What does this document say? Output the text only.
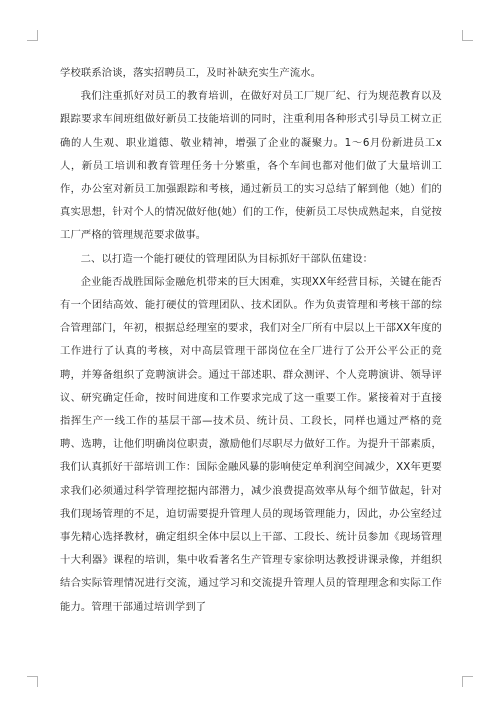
学校联系洽谈，落实招聘员工，及时补缺充实生产流水。

我们注重抓好对员工的教育培训，在做好对员工厂规厂纪、行为规范教育以及跟踪要求车间班组做好新员工技能培训的同时，注重利用各种形式引导员工树立正确的人生观、职业道德、敬业精神，增强了企业的凝聚力。1～6月份新进员工x人，新员工培训和教育管理任务十分繁重，各个车间也都对他们做了大量培训工作，办公室对新员工加强跟踪和考核，通过新员工的实习总结了解到他（她）们的真实思想，针对个人的情况做好他(她）们的工作，使新员工尽快成熟起来，自觉按工厂严格的管理规范要求做事。

二、以打造一个能打硬仗的管理团队为目标抓好干部队伍建设：

企业能否战胜国际金融危机带来的巨大困难，实现XX年经营目标，关键在能否有一个团结高效、能打硬仗的管理团队、技术团队。作为负责管理和考核干部的综合管理部门，年初，根据总经理室的要求，我们对全厂所有中层以上干部XX年度的工作进行了认真的考核，对中高层管理干部岗位在全厂进行了公开公平公正的竞聘，并筹备组织了竞聘演讲会。通过干部述职、群众测评、个人竞聘演讲、领导评议、研究确定任命，按时间进度和工作要求完成了这一重要工作。紧接着对于直接指挥生产一线工作的基层干部—技术员、统计员、工段长，同样也通过严格的竞聘、选聘，让他们明确岗位职责，激励他们尽职尽力做好工作。为提升干部素质，我们认真抓好干部培训工作：国际金融风暴的影响使定单利润空间减少，XX年更要求我们必须通过科学管理挖掘内部潜力，减少浪费提高效率从每个细节做起，针对我们现场管理的不足，迫切需要提升管理人员的现场管理能力，因此，办公室经过事先精心选择教材，确定组织全体中层以上干部、工段长、统计员参加《现场管理十大利器》课程的培训，集中收看著名生产管理专家徐明达教授讲课录像，并组织结合实际管理情况进行交流，通过学习和交流提升管理人员的管理理念和实际工作能力。管理干部通过培训学到了
